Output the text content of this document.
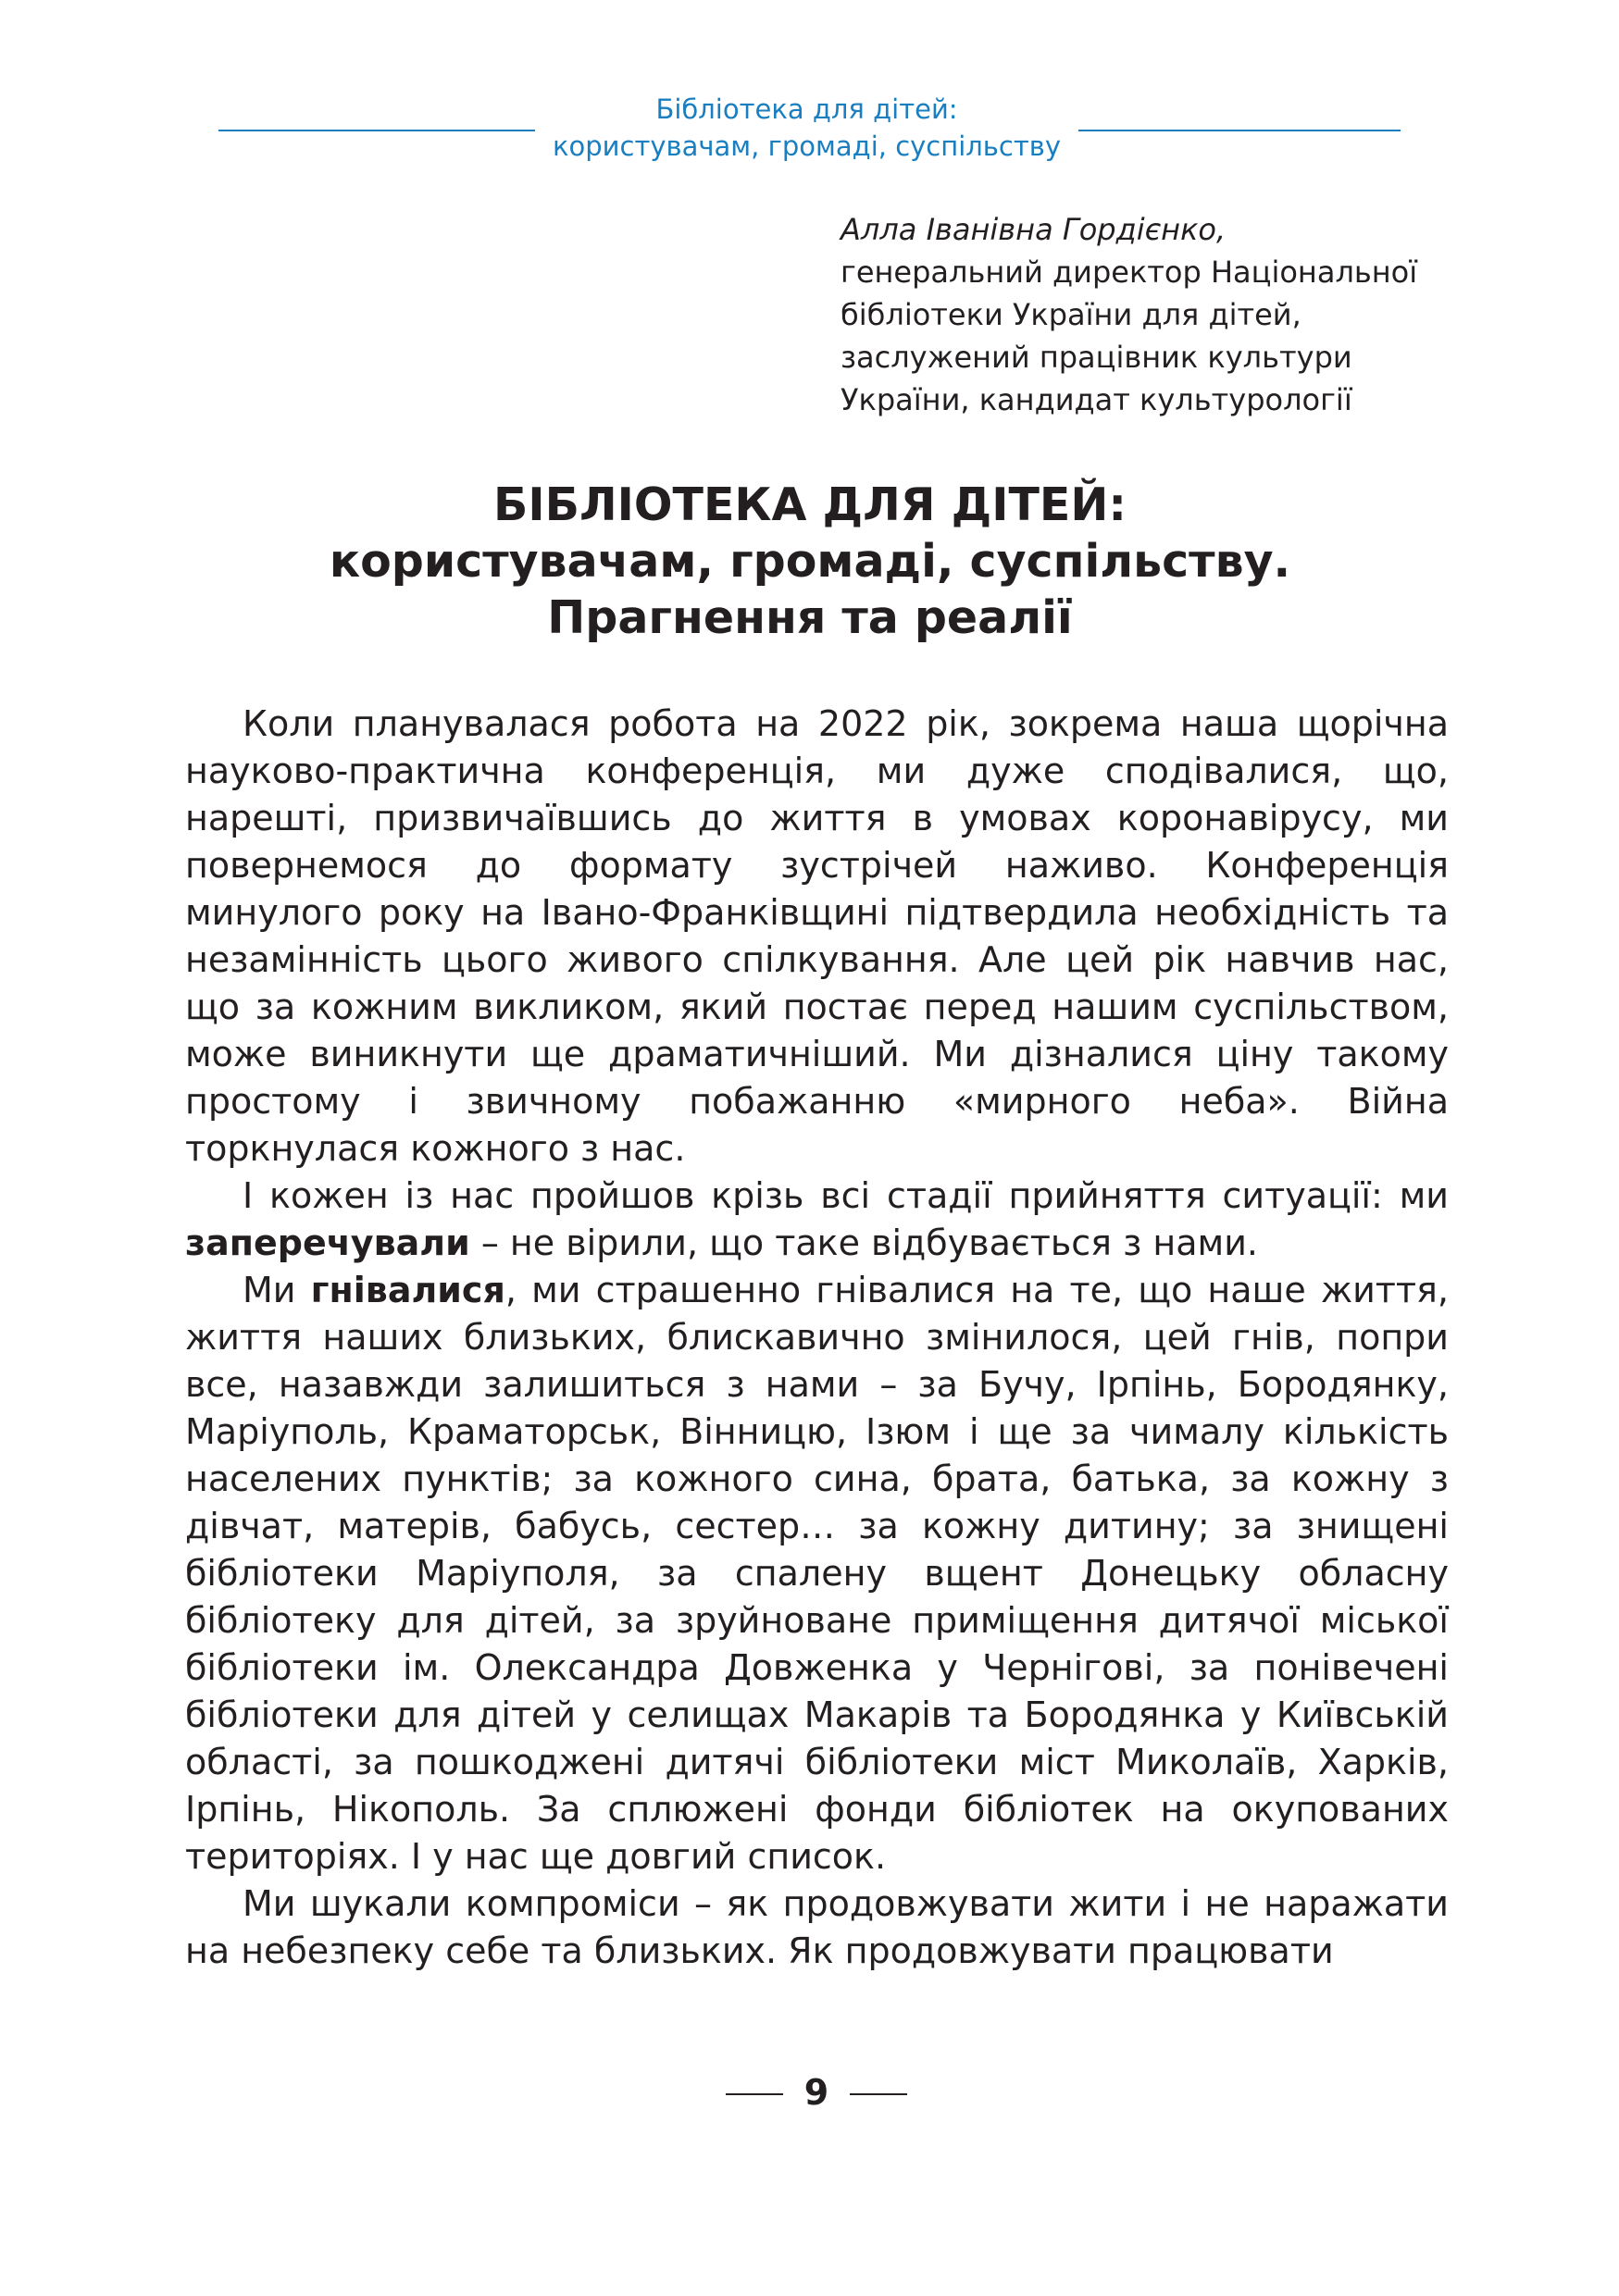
Бібліотека для дітей:
користувачам, громаді, суспільству
Алла Іванівна Гордієнко,
генеральний директор Національної
бібліотеки України для дітей,
заслужений працівник культури
України, кандидат культурології
БІБЛІОТЕКА ДЛЯ ДІТЕЙ:
користувачам, громаді, суспільству.
Прагнення та реалії

Коли планувалася робота на 2022 рік, зокрема наша щорічна науково-практична конференція, ми дуже сподівалися, що, нарешті, призвичаївшись до життя в умовах коронавірусу, ми повернемося до формату зустрічей наживо. Конференція минулого року на Івано-Франківщині підтвердила необхідність та незамінність цього живого спілкування. Але цей рік навчив нас, що за кожним викликом, який постає перед нашим суспільством, може виникнути ще драматичніший. Ми дізналися ціну такому простому і звичному побажанню «мирного неба». Війна торкнулася кожного з нас.

І кожен із нас пройшов крізь всі стадії прийняття ситуації: ми заперечували – не вірили, що таке відбувається з нами.

Ми гнівалися, ми страшенно гнівалися на те, що наше життя, життя наших близьких, блискавично змінилося, цей гнів, попри все, назавжди залишиться з нами – за Бучу, Ірпінь, Бородянку, Маріуполь, Краматорськ, Вінницю, Ізюм і ще за чималу кількість населених пунктів; за кожного сина, брата, батька, за кожну з дівчат, матерів, бабусь, сестер… за кожну дитину; за знищені бібліотеки Маріуполя, за спалену вщент Донецьку обласну бібліотеку для дітей, за зруйноване приміщення дитячої міської бібліотеки ім. Олександра Довженка у Чернігові, за понівечені бібліотеки для дітей у селищах Макарів та Бородянка у Київській області, за пошкоджені дитячі бібліотеки міст Миколаїв, Харків, Ірпінь, Нікополь. За сплюжені фонди бібліотек на окупованих територіях. І у нас ще довгий список.

Ми шукали компроміси – як продовжувати жити і не наражати на небезпеку себе та близьких. Як продовжувати працювати

9
